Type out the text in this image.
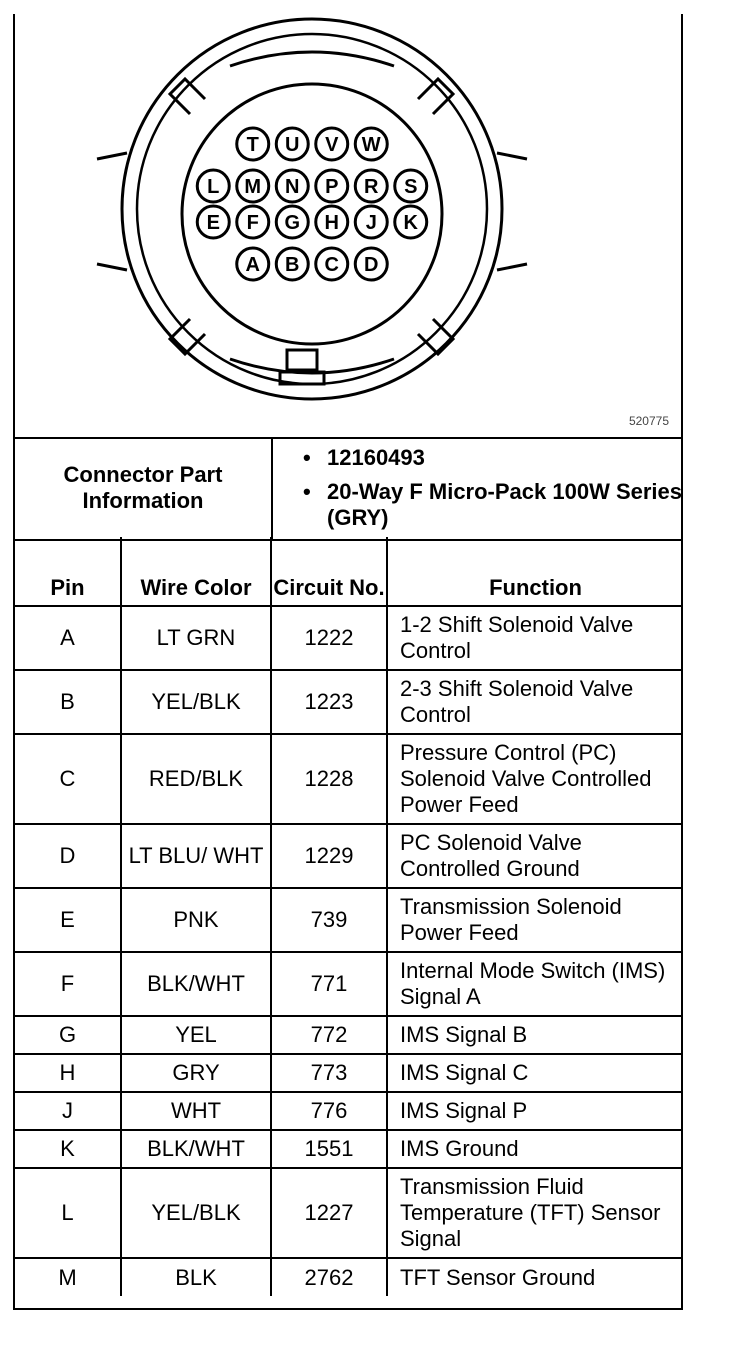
T U V W
L M N P R S
E F G H J K
A B C D
520775
Connector Part Information	
• 12160493
• 20-Way F Micro-Pack 100W Series (GRY)
Pin	Wire Color	Circuit No.	Function
A	LT GRN	1222	1-2 Shift Solenoid Valve Control
B	YEL/BLK	1223	2-3 Shift Solenoid Valve Control
C	RED/BLK	1228	Pressure Control (PC) Solenoid Valve Controlled Power Feed
D	LT BLU/ WHT	1229	PC Solenoid Valve Controlled Ground
E	PNK	739	Transmission Solenoid Power Feed
F	BLK/WHT	771	Internal Mode Switch (IMS) Signal A
G	YEL	772	IMS Signal B
H	GRY	773	IMS Signal C
J	WHT	776	IMS Signal P
K	BLK/WHT	1551	IMS Ground
L	YEL/BLK	1227	Transmission Fluid Temperature (TFT) Sensor Signal
M	BLK	2762	TFT Sensor Ground
